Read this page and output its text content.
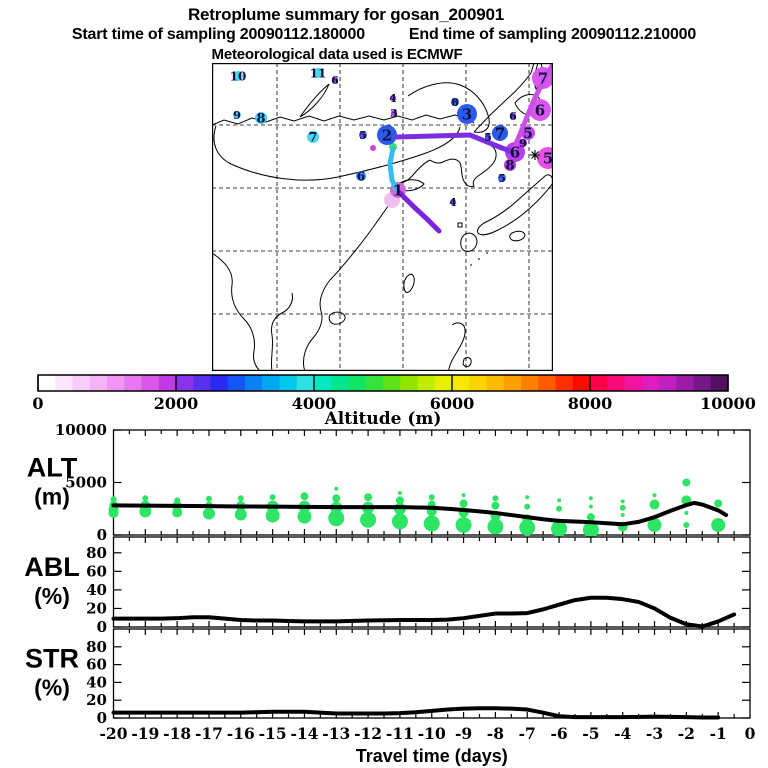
Retroplume summary for gosan_200901
Start time of sampling 20090112.180000	End time of sampling 20090112.210000
Meteorological data used is ECMWF
10	11
9 8
7
6
5
6
4
3
8
3
2	7
5
6
7
6
5
9
6 5
8
5
4
1
0	2000	4000	6000	8000	10000
Altitude (m)
0
5000
10000
ALT
(m)
0
20
40
60
80
ABL
(%)
0
20
40
60
80
STR
(%)
-20 -19 -18 -17 -16 -15 -14 -13 -12 -11 -10 -9 -8 -7 -6 -5 -4 -3 -2 -1 0
Travel time (days)
